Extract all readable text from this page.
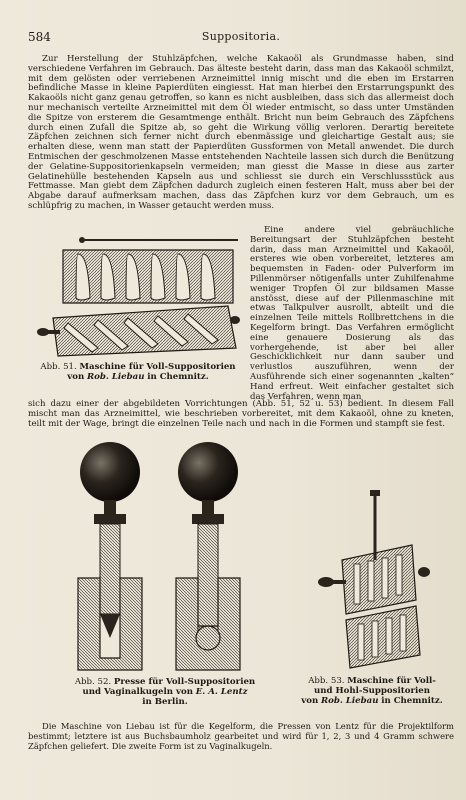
584	Suppositoria.

Zur Herstellung der Stuhlzäpfchen, welche Kakaoöl als Grundmasse haben, sind verschiedene Verfahren im Gebrauch. Das älteste besteht darin, dass man das Kakaoöl schmilzt, mit dem gelösten oder verriebenen Arzneimittel innig mischt und die eben im Erstarren befindliche Masse in kleine Papierdüten eingiesst. Hat man hierbei den Erstarrungspunkt des Kakaoöls nicht ganz genau getroffen, so kann es nicht ausbleiben, dass sich das allermeist doch nur mechanisch verteilte Arzneimittel mit dem Öl wieder entmischt, so dass unter Umständen die Spitze von ersterem die Gesamtmenge enthält. Bricht nun beim Gebrauch des Zäpfchens durch einen Zufall die Spitze ab, so geht die Wirkung völlig verloren. Derartig bereitete Zäpfchen zeichnen sich ferner nicht durch ebenmässige und gleichartige Gestalt aus; sie erhalten diese, wenn man statt der Papierdüten Gussformen von Metall anwendet. Die durch Entmischen der geschmolzenen Masse entstehenden Nachteile lassen sich durch die Benützung der Gelatine-Suppositorienkapseln vermeiden; man giesst die Masse in diese aus zarter Gelatinehülle bestehenden Kapseln aus und schliesst sie durch ein Verschlussstück aus Fettmasse. Man giebt dem Zäpfchen dadurch zugleich einen festeren Halt, muss aber bei der Abgabe darauf aufmerksam machen, dass das Zäpfchen kurz vor dem Gebrauch, um es schlüpfrig zu machen, in Wasser getaucht werden muss.

Abb. 51. Maschine für Voll-Suppositorien
von Rob. Liebau in Chemnitz.

Eine andere viel gebräuchliche Bereitungsart der Stuhlzäpfchen besteht darin, dass man Arzneimittel und Kakaoöl, ersteres wie oben vorbereitet, letzteres am bequemsten in Faden- oder Pulverform im Pillenmörser nötigenfalls unter Zuhilfenahme weniger Tropfen Öl zur bildsamen Masse anstösst, diese auf der Pillenmaschine mit etwas Talkpulver ausrollt, abteilt und die einzelnen Teile mittels Rollbrettchens in die Kegelform bringt. Das Verfahren ermöglicht eine genauere Dosierung als das vorhergehende, ist aber bei aller Geschicklichkeit nur dann sauber und verlustlos auszuführen, wenn der Ausführende sich einer sogenannten „kalten“ Hand erfreut. Weit einfacher gestaltet sich das Verfahren, wenn man

sich dazu einer der abgebildeten Vorrichtungen (Abb. 51, 52 u. 53) bedient. In diesem Fall mischt man das Arzneimittel, wie beschrieben vorbereitet, mit dem Kakaoöl, ohne zu kneten, teilt mit der Wage, bringt die einzelnen Teile nach und nach in die Formen und stampft sie fest.

Abb. 52. Presse für Voll-Suppositorien
und Vaginalkugeln von E. A. Lentz
in Berlin.
Abb. 53. Maschine für Voll-
und Hohl-Suppositorien
von Rob. Liebau in Chemnitz.

Die Maschine von Liebau ist für die Kegelform, die Pressen von Lentz für die Projektilform bestimmt; letztere ist aus Buchsbaumholz gearbeitet und wird für 1, 2, 3 und 4 Gramm schwere Zäpfchen geliefert. Die zweite Form ist zu Vaginalkugeln.
